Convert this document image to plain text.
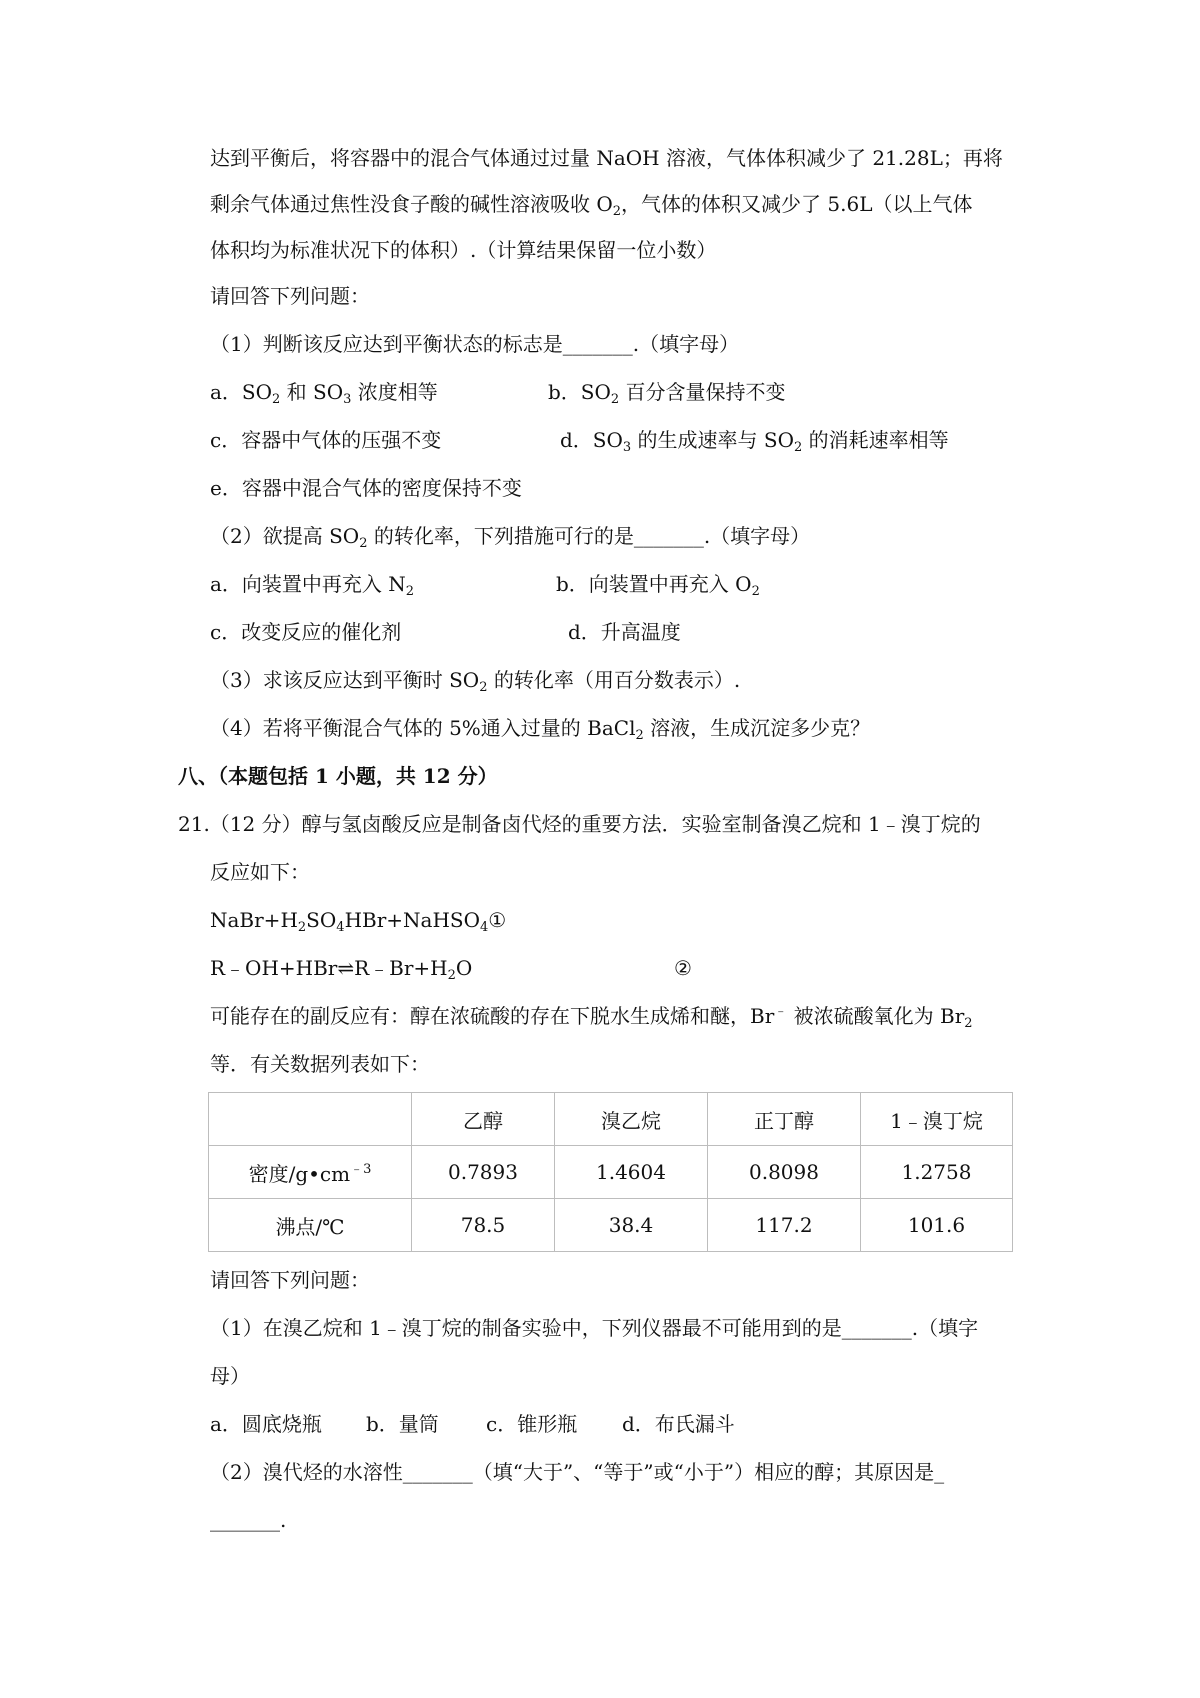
达到平衡后，将容器中的混合气体通过过量 NaOH 溶液，气体体积减少了 21.28L；再将
剩余气体通过焦性没食子酸的碱性溶液吸收 $O_2$，气体的体积又减少了 5.6L（以上气体
体积均为标准状况下的体积）.（计算结果保留一位小数）
请回答下列问题：
（1）判断该反应达到平衡状态的标志是_______.（填字母）
a．$SO_2$ 和 $SO_3$ 浓度相等	b．$SO_2$ 百分含量保持不变
c．容器中气体的压强不变	d．$SO_3$ 的生成速率与 $SO_2$ 的消耗速率相等
e．容器中混合气体的密度保持不变
（2）欲提高 $SO_2$ 的转化率，下列措施可行的是_______.（填字母）
a．向装置中再充入 $N_2$	b．向装置中再充入 $O_2$
c．改变反应的催化剂	d．升高温度
（3）求该反应达到平衡时 $SO_2$ 的转化率（用百分数表示）.
（4）若将平衡混合气体的 5%通入过量的 BaCl$_2$ 溶液，生成沉淀多少克？
八、（本题包括 1 小题，共 12 分）
21.（12 分）醇与氢卤酸反应是制备卤代烃的重要方法．实验室制备溴乙烷和 1﹣溴丁烷的
反应如下：
$NaBr+H_2SO_4HBr+NaHSO_4①$
$R﹣OH+HBr\rightleftharpoons R﹣Br+H_2O$	②
可能存在的副反应有：醇在浓硫酸的存在下脱水生成烯和醚，Br﹣ 被浓硫酸氧化为 $Br_2$
等．有关数据列表如下：
	乙醇	溴乙烷	正丁醇	1﹣溴丁烷
密度$/g•cm^{﹣3}$	0.7893	1.4604	0.8098	1.2758
沸点/℃	78.5	38.4	117.2	101.6
请回答下列问题：
（1）在溴乙烷和 1﹣溴丁烷的制备实验中，下列仪器最不可能用到的是_______.（填字
母）
a．圆底烧瓶 b．量筒 c．锥形瓶 d．布氏漏斗
（2）溴代烃的水溶性_______（填“大于”、“等于”或“小于”）相应的醇；其原因是_
_______.
